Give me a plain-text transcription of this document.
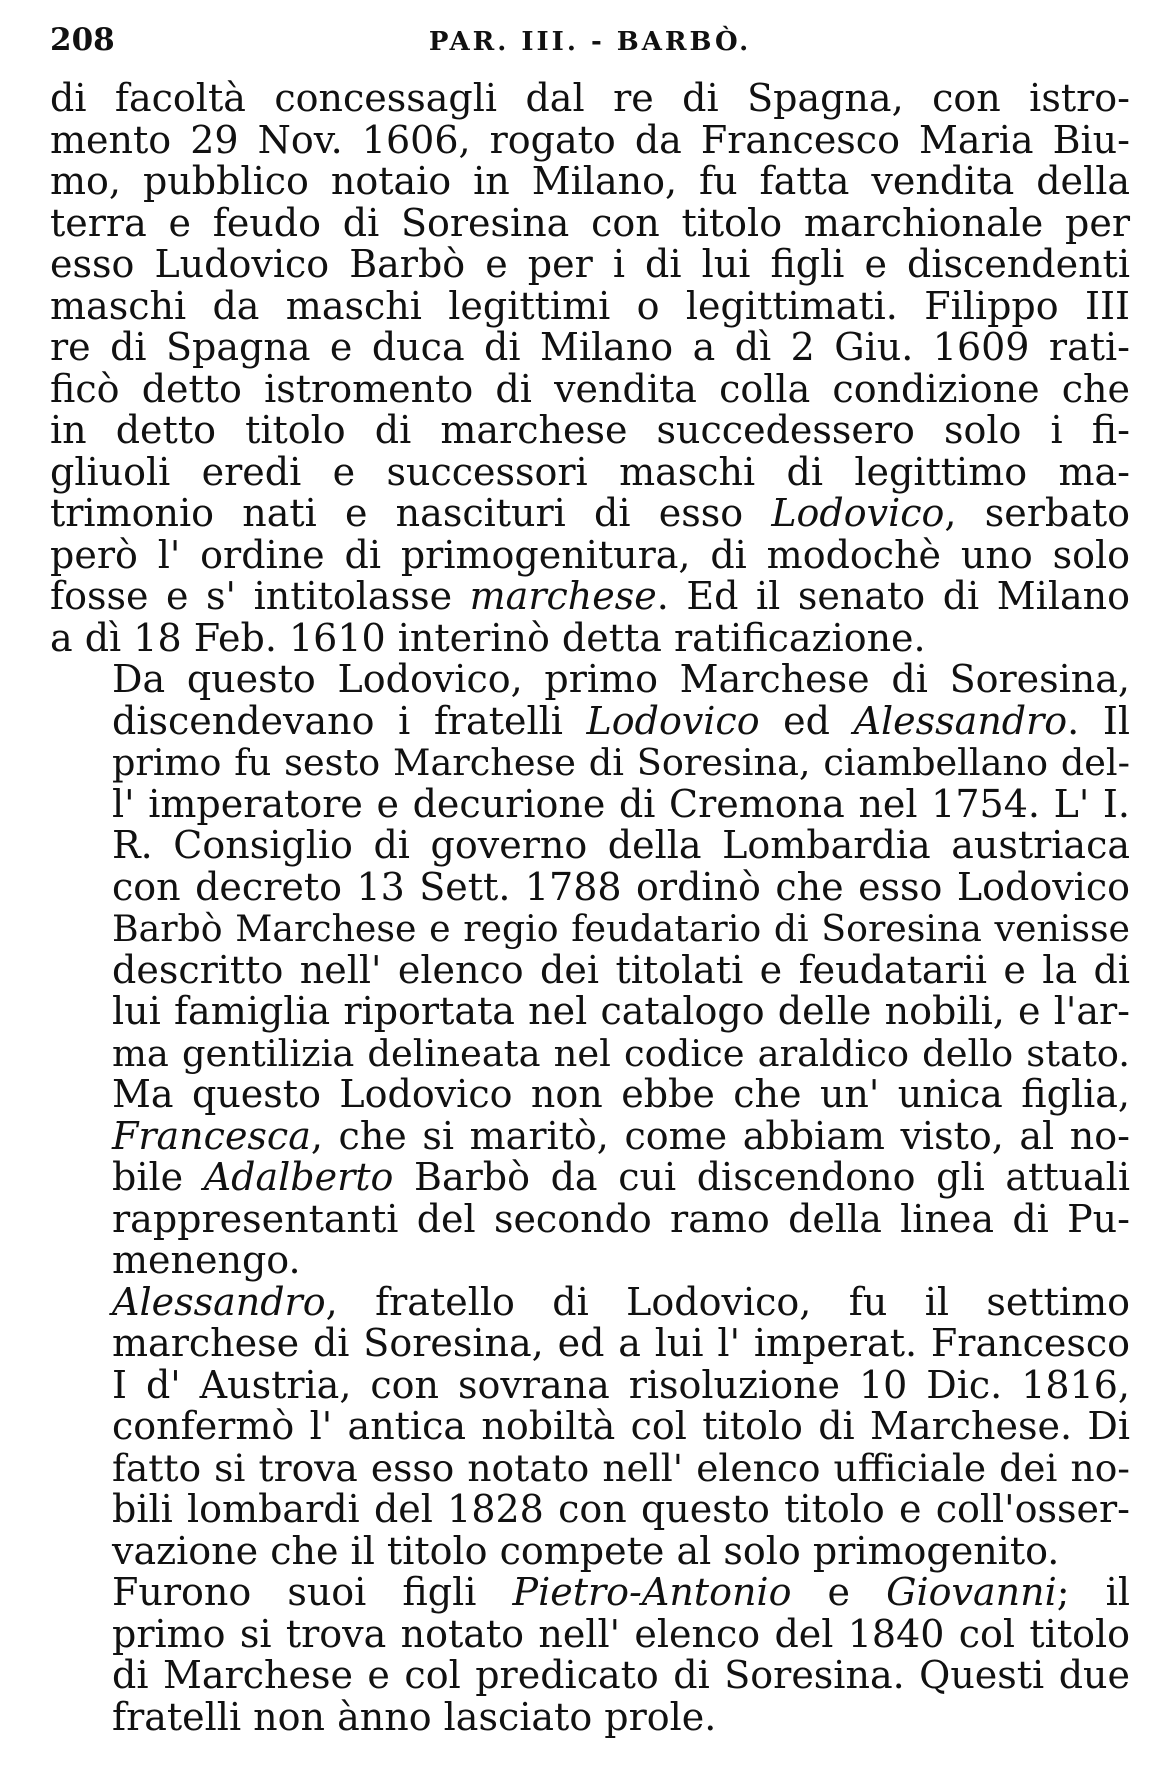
208	PAR. III. - BARBÒ.

di facoltà concessagli dal re di Spagna, con istro-
mento 29 Nov. 1606, rogato da Francesco Maria Biu-
mo, pubblico notaio in Milano, fu fatta vendita della
terra e feudo di Soresina con titolo marchionale per
esso Ludovico Barbò e per i di lui figli e discendenti
maschi da maschi legittimi o legittimati. Filippo III
re di Spagna e duca di Milano a dì 2 Giu. 1609 rati-
ficò detto istromento di vendita colla condizione che
in detto titolo di marchese succedessero solo i fi-
gliuoli eredi e successori maschi di legittimo ma-
trimonio nati e nascituri di esso Lodovico, serbato
però l' ordine di primogenitura, di modochè uno solo
fosse e s' intitolasse marchese. Ed il senato di Milano
a dì 18 Feb. 1610 interinò detta ratificazione.

Da questo Lodovico, primo Marchese di Soresina,
discendevano i fratelli Lodovico ed Alessandro. Il
primo fu sesto Marchese di Soresina, ciambellano del-
l' imperatore e decurione di Cremona nel 1754. L' I.
R. Consiglio di governo della Lombardia austriaca
con decreto 13 Sett. 1788 ordinò che esso Lodovico
Barbò Marchese e regio feudatario di Soresina venisse
descritto nell' elenco dei titolati e feudatarii e la di
lui famiglia riportata nel catalogo delle nobili, e l'ar-
ma gentilizia delineata nel codice araldico dello stato.
Ma questo Lodovico non ebbe che un' unica figlia,
Francesca, che si maritò, come abbiam visto, al no-
bile Adalberto Barbò da cui discendono gli attuali
rappresentanti del secondo ramo della linea di Pu-
menengo.

Alessandro, fratello di Lodovico, fu il settimo
marchese di Soresina, ed a lui l' imperat. Francesco
I d' Austria, con sovrana risoluzione 10 Dic. 1816,
confermò l' antica nobiltà col titolo di Marchese. Di
fatto si trova esso notato nell' elenco ufficiale dei no-
bili lombardi del 1828 con questo titolo e coll'osser-
vazione che il titolo compete al solo primogenito.

Furono suoi figli Pietro-Antonio e Giovanni; il
primo si trova notato nell' elenco del 1840 col titolo
di Marchese e col predicato di Soresina. Questi due
fratelli non ànno lasciato prole.
